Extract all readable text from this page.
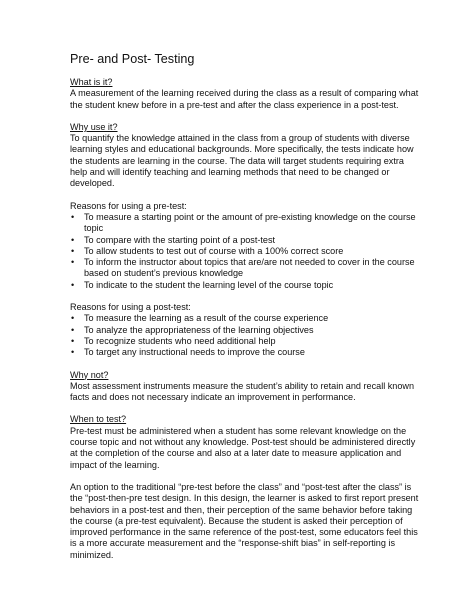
Pre- and Post- Testing

What is it?

A measurement of the learning received during the class as a result of comparing what the student knew before in a pre-test and after the class experience in a post-test.

Why use it?

To quantify the knowledge attained in the class from a group of students with diverse learning styles and educational backgrounds. More specifically, the tests indicate how the students are learning in the course. The data will target students requiring extra help and will identify teaching and learning methods that need to be changed or developed.

Reasons for using a pre-test:

• To measure a starting point or the amount of pre-existing knowledge on the course topic
• To compare with the starting point of a post-test
• To allow students to test out of course with a 100% correct score
• To inform the instructor about topics that are/are not needed to cover in the course based on student’s previous knowledge
• To indicate to the student the learning level of the course topic

Reasons for using a post-test:

• To measure the learning as a result of the course experience
• To analyze the appropriateness of the learning objectives
• To recognize students who need additional help
• To target any instructional needs to improve the course

Why not?

Most assessment instruments measure the student’s ability to retain and recall known facts and does not necessary indicate an improvement in performance.

When to test?

Pre-test must be administered when a student has some relevant knowledge on the course topic and not without any knowledge. Post-test should be administered directly at the completion of the course and also at a later date to measure application and impact of the learning.

An option to the traditional “pre-test before the class” and “post-test after the class” is the “post-then-pre test design. In this design, the learner is asked to first report present behaviors in a post-test and then, their perception of the same behavior before taking the course (a pre-test equivalent). Because the student is asked their perception of improved performance in the same reference of the post-test, some educators feel this is a more accurate measurement and the “response-shift bias” in self-reporting is minimized.
